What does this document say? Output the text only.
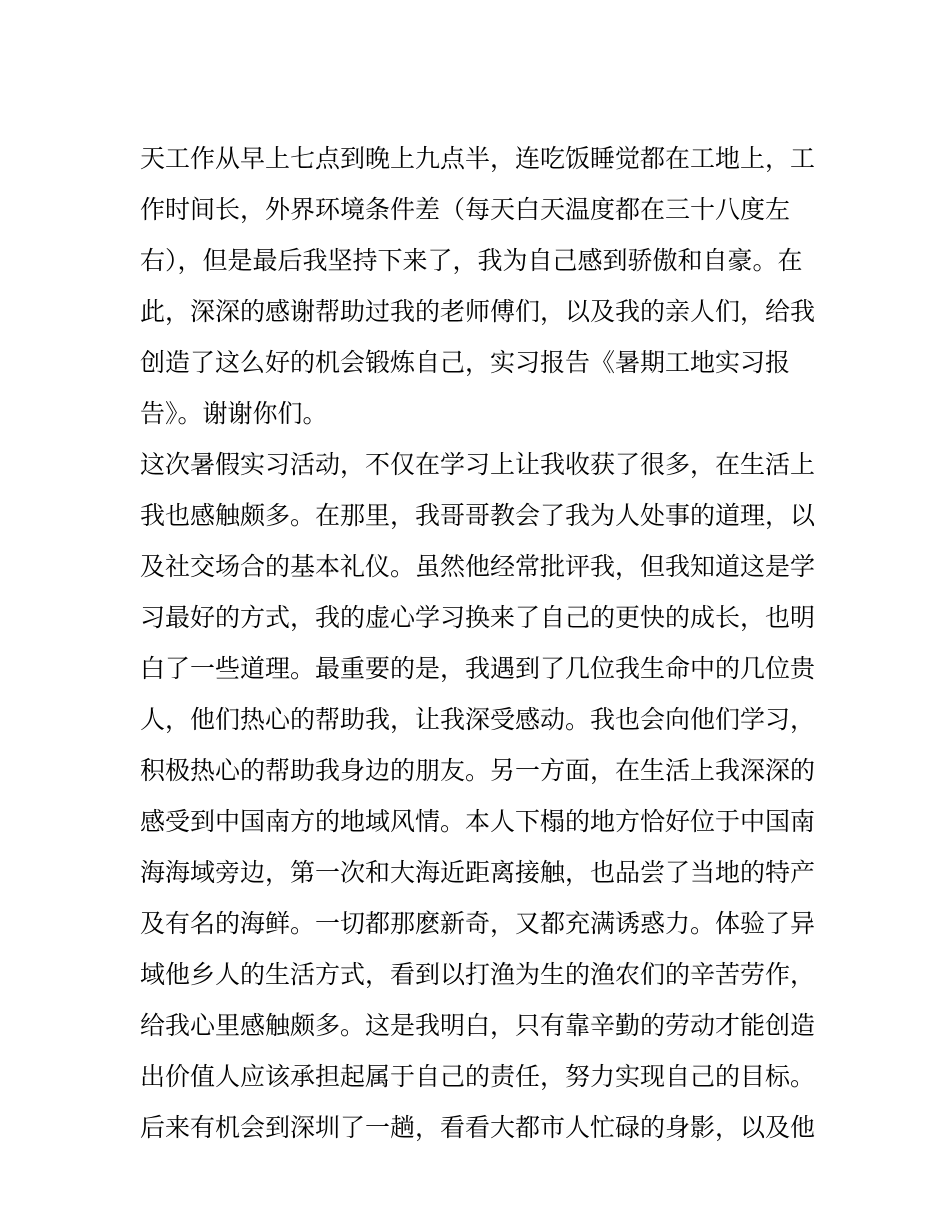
天工作从早上七点到晚上九点半，连吃饭睡觉都在工地上，工
作时间长，外界环境条件差（每天白天温度都在三十八度左
右），但是最后我坚持下来了，我为自己感到骄傲和自豪。在
此，深深的感谢帮助过我的老师傅们，以及我的亲人们，给我
创造了这么好的机会锻炼自己，实习报告《暑期工地实习报
告》。谢谢你们。
这次暑假实习活动，不仅在学习上让我收获了很多，在生活上
我也感触颇多。在那里，我哥哥教会了我为人处事的道理，以
及社交场合的基本礼仪。虽然他经常批评我，但我知道这是学
习最好的方式，我的虚心学习换来了自己的更快的成长，也明
白了一些道理。最重要的是，我遇到了几位我生命中的几位贵
人，他们热心的帮助我，让我深受感动。我也会向他们学习，
积极热心的帮助我身边的朋友。另一方面，在生活上我深深的
感受到中国南方的地域风情。本人下榻的地方恰好位于中国南
海海域旁边，第一次和大海近距离接触，也品尝了当地的特产
及有名的海鲜。一切都那麽新奇，又都充满诱惑力。体验了异
域他乡人的生活方式，看到以打渔为生的渔农们的辛苦劳作，
给我心里感触颇多。这是我明白，只有靠辛勤的劳动才能创造
出价值人应该承担起属于自己的责任，努力实现自己的目标。
后来有机会到深圳了一趟，看看大都市人忙碌的身影，以及他
